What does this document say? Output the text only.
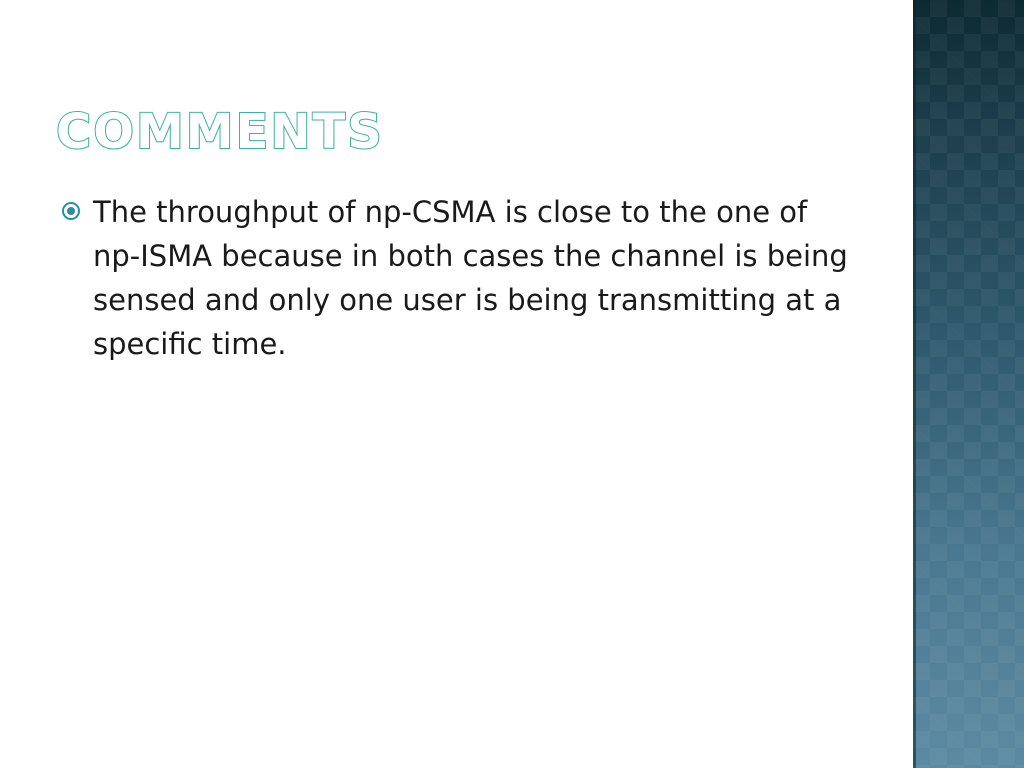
COMMENTS

The throughput of np-CSMA is close to the one of np-ISMA because in both cases the channel is being sensed and only one user is being transmitting at a specific time.
